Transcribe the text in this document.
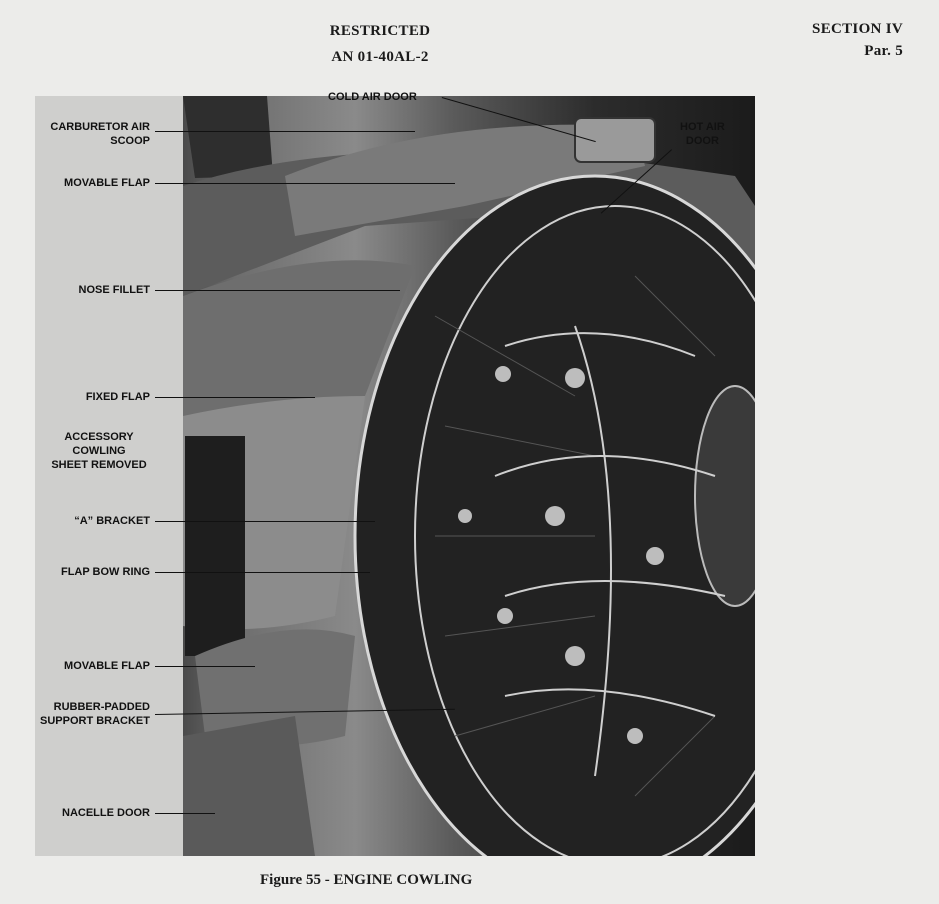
RESTRICTED
AN 01-40AL-2
SECTION IV
Par. 5
COLD AIR DOOR
CARBURETOR AIR
SCOOP
HOT AIR
DOOR
MOVABLE FLAP
NOSE FILLET
FIXED FLAP
ACCESSORY
COWLING
SHEET REMOVED
“A” BRACKET
FLAP BOW RING
MOVABLE FLAP
RUBBER-PADDED
SUPPORT BRACKET
NACELLE DOOR
Figure 55 - ENGINE COWLING
